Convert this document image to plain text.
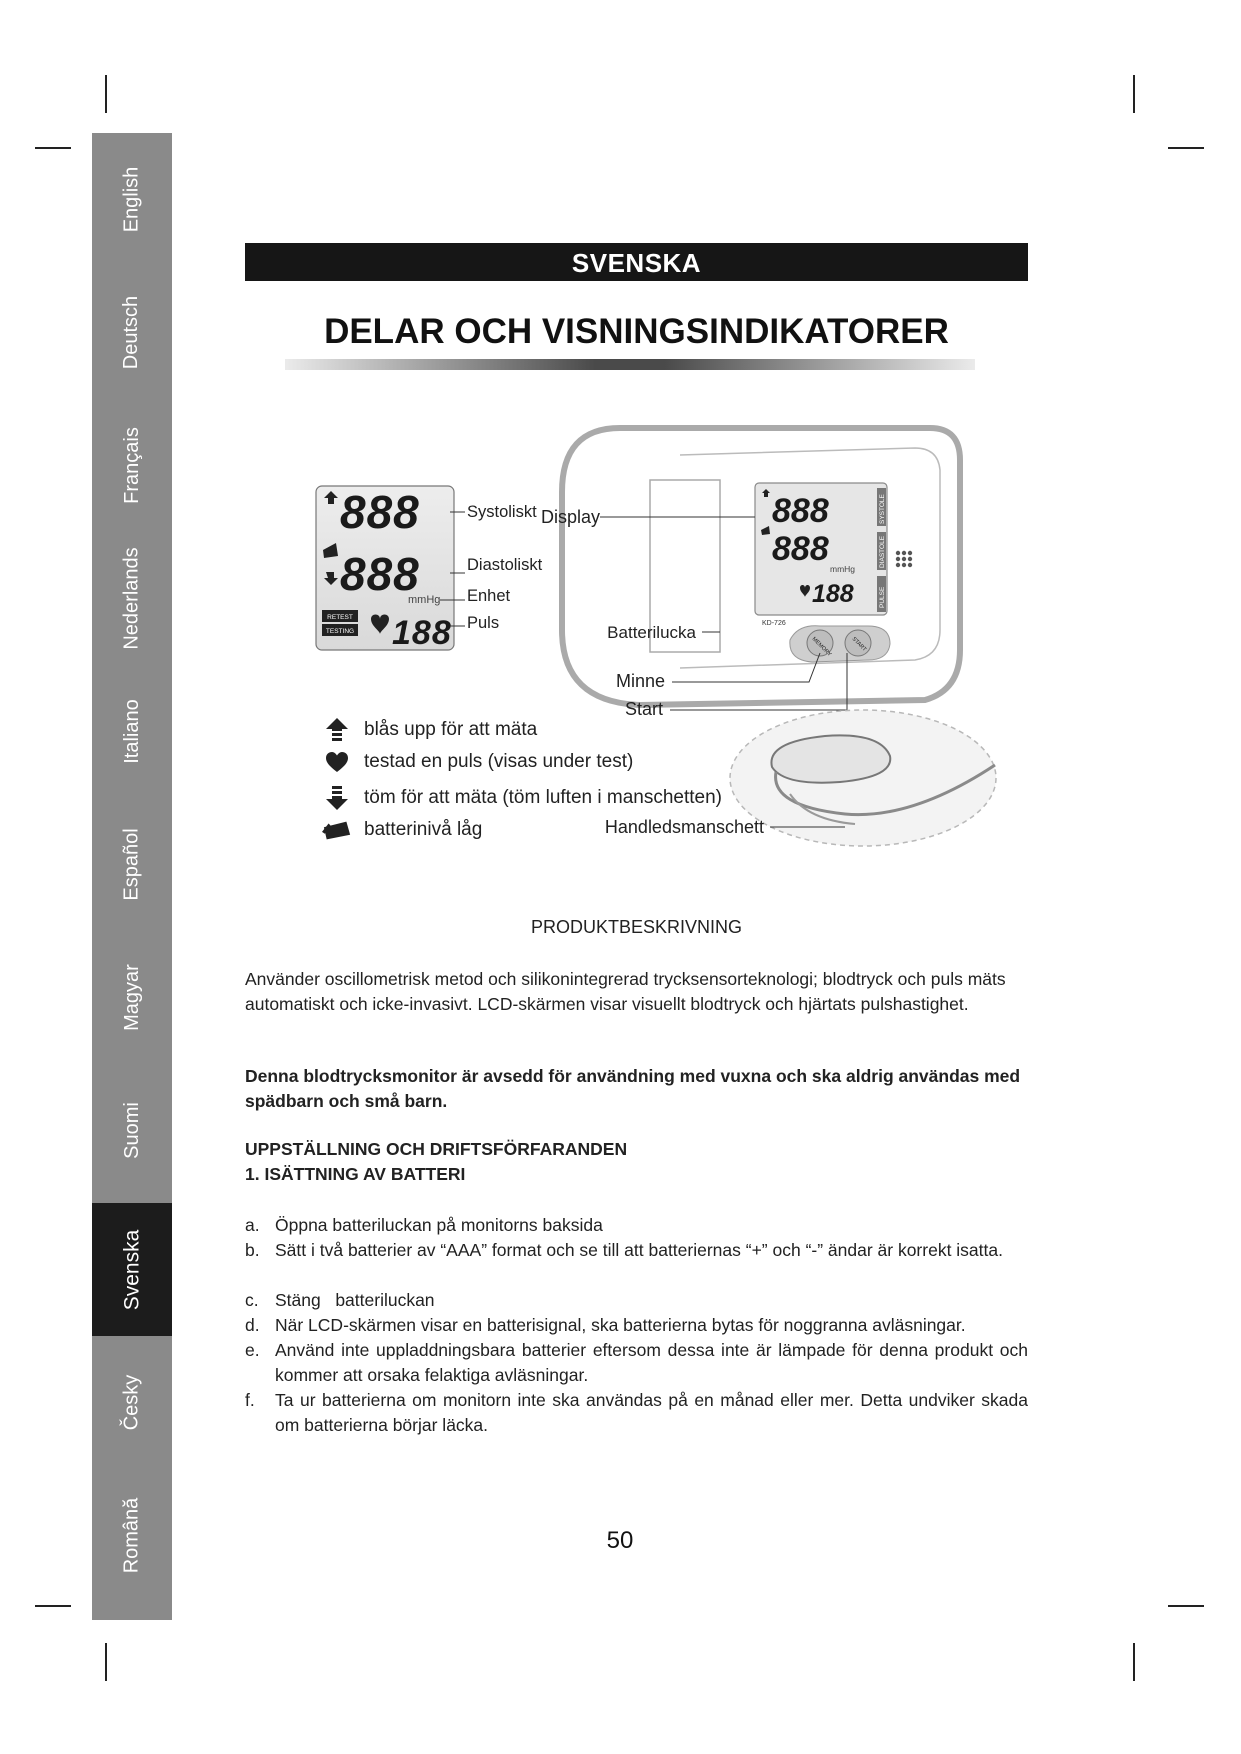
English
Deutsch
Français
Nederlands
Italiano
Español
Magyar
Suomi
Svenska
Česky
Română
SVENSKA
DELAR OCH VISNINGSINDIKATORER
888
888
mmHg
RETEST
TESTING 188
Systoliskt
Diastoliskt
Enhet
Puls
888
888
mmHg
188
KD-726
SYSTOLE
DIASTOLE
PULSE
MEMORY	START
Display
Batterilucka
Minne
Start
Handledsmanschett
blås upp för att mäta
testad en puls (visas under test)
töm för att mäta (töm luften i manschetten)
batterinivå låg
PRODUKTBESKRIVNING
Använder oscillometrisk metod och silikonintegrerad trycksensorteknologi; blodtryck och puls mäts automatiskt och icke-invasivt. LCD-skärmen visar visuellt blodtryck och hjärtats pulshastighet.
Denna blodtrycksmonitor är avsedd för användning med vuxna och ska aldrig användas med spädbarn och små barn.

UPPSTÄLLNING OCH DRIFTSFÖRFARANDEN

1. ISÄTTNING AV BATTERI

a. Öppna batteriluckan på monitorns baksida
b. Sätt i två batterier av “AAA” format och se till att batteriernas “+” och “-” ändar är korrekt isatta.
c. Stäng   batteriluckan
d. När LCD-skärmen visar en batterisignal, ska batterierna bytas för noggranna avläsningar.
e. Använd inte uppladdningsbara batterier eftersom dessa inte är lämpade för denna produkt och kommer att orsaka felaktiga avläsningar.
f.	Ta ur batterierna om monitorn inte ska användas på en månad eller mer. Detta undviker skada om batterierna börjar läcka.
50
